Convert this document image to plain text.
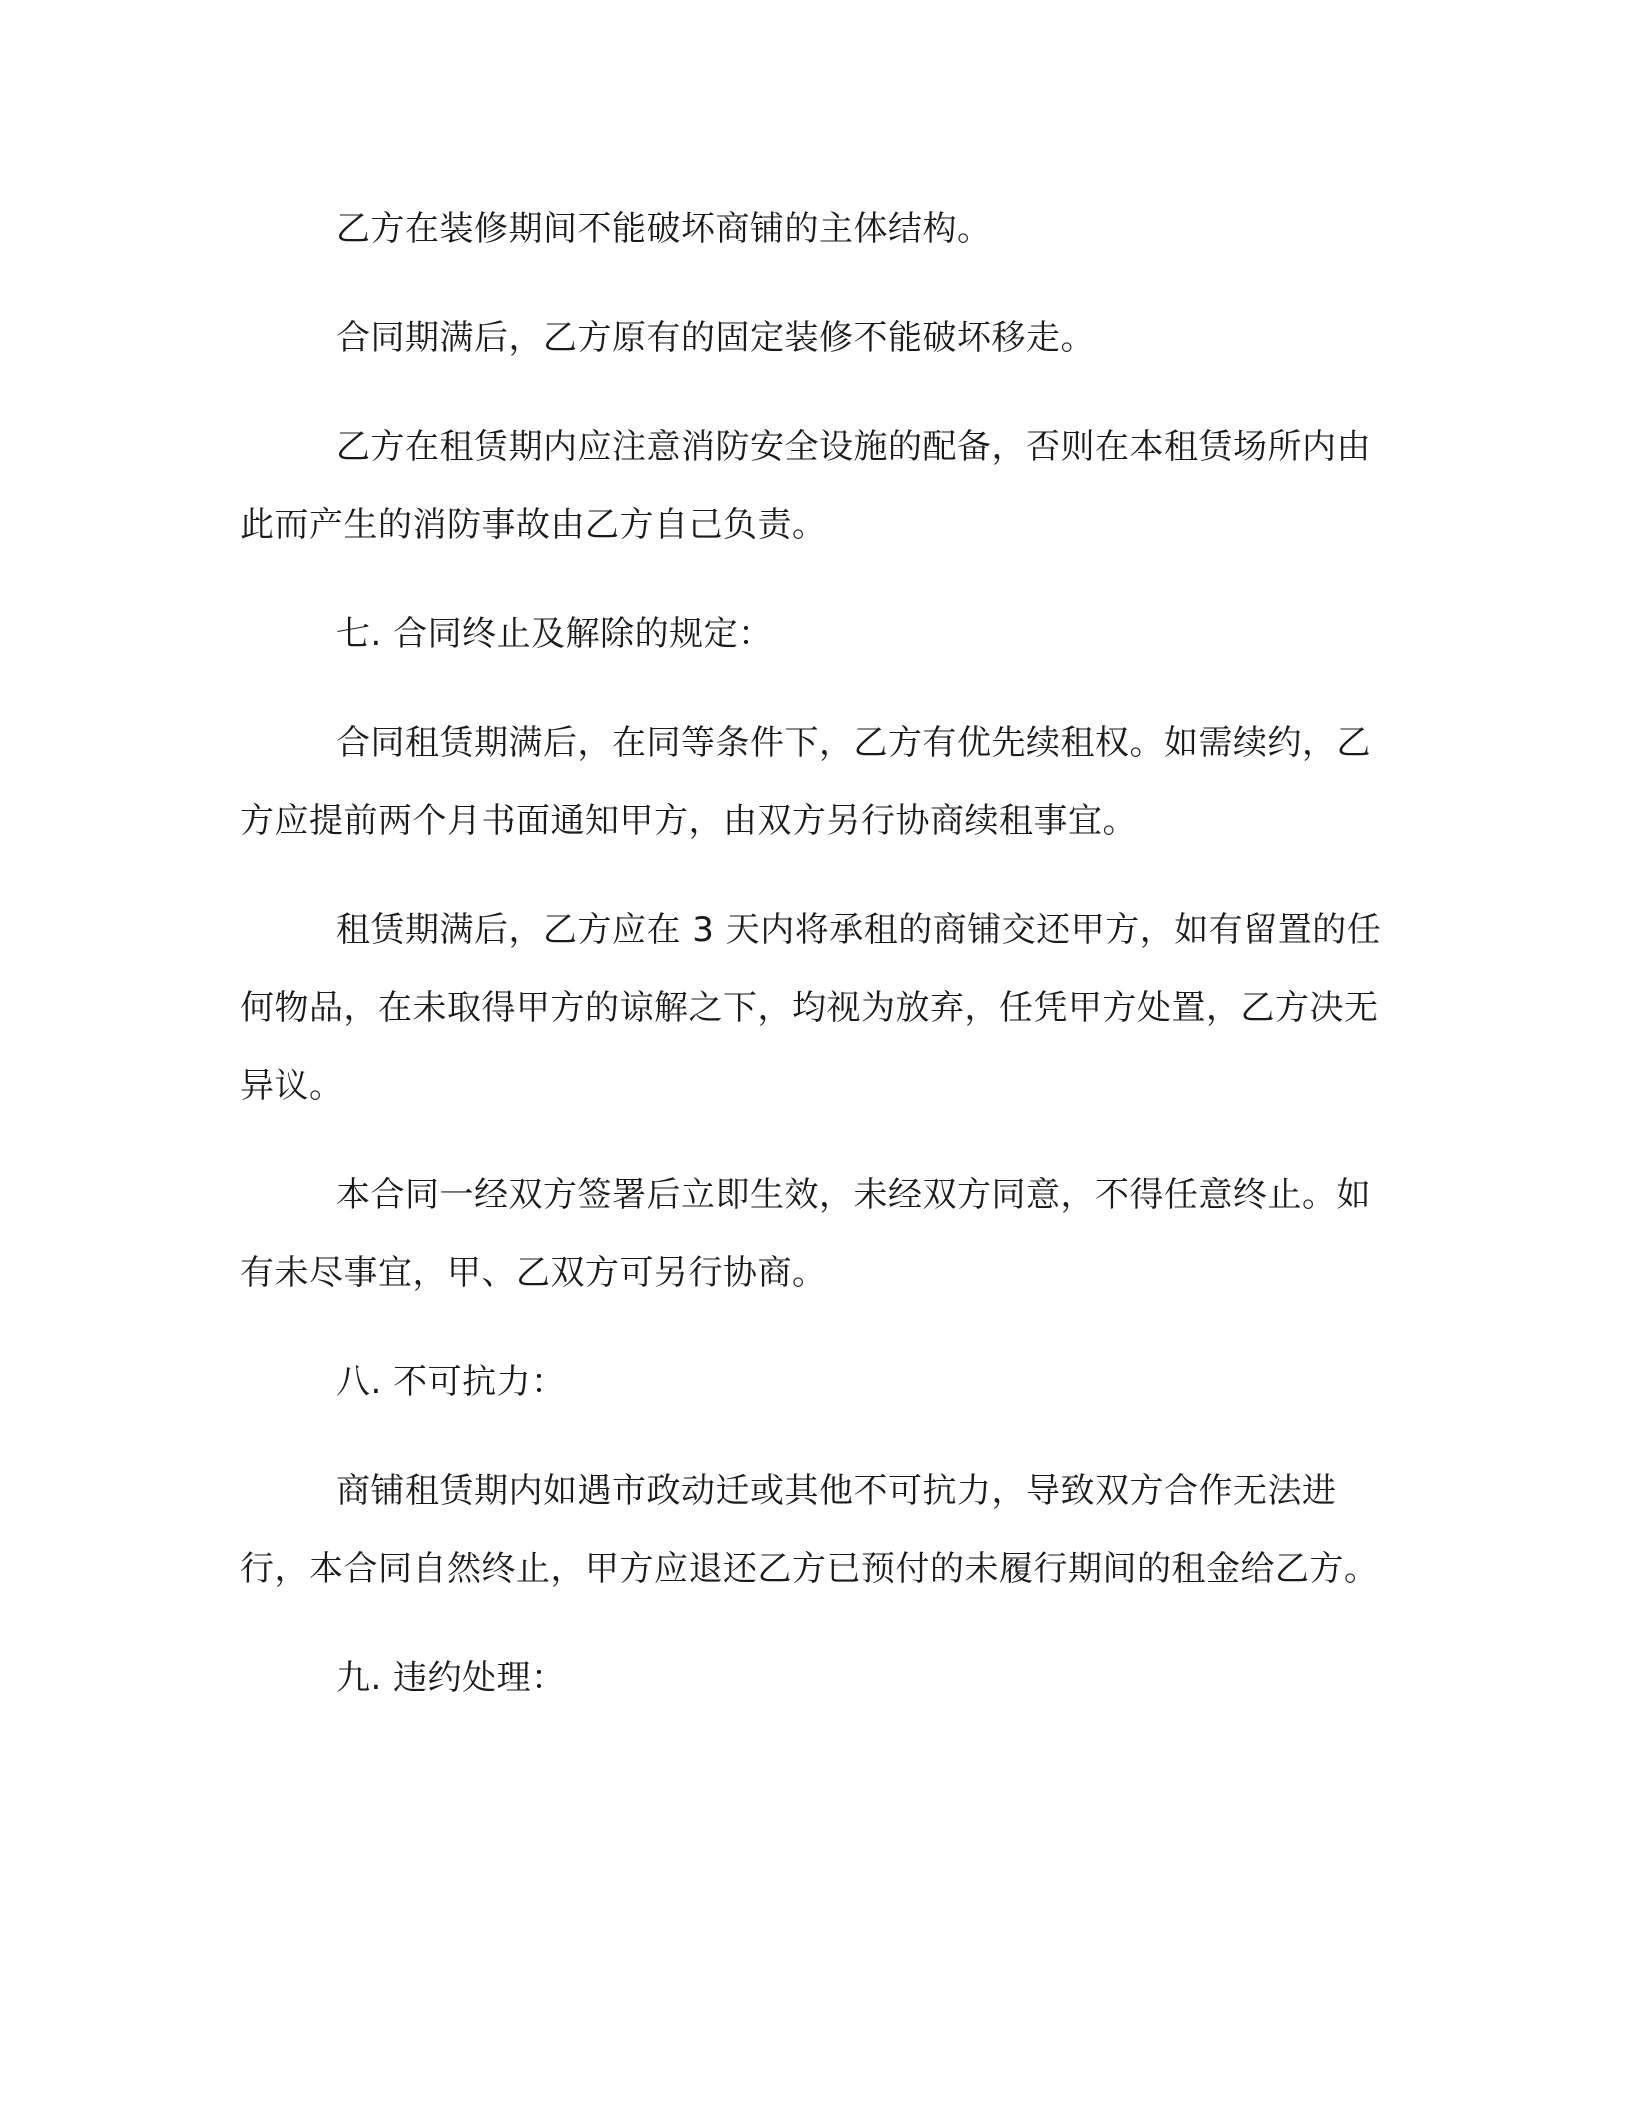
乙方在装修期间不能破坏商铺的主体结构。

合同期满后，乙方原有的固定装修不能破坏移走。

乙方在租赁期内应注意消防安全设施的配备，否则在本租赁场所内由此而产生的消防事故由乙方自己负责。

七. 合同终止及解除的规定：

合同租赁期满后，在同等条件下，乙方有优先续租权。如需续约，乙方应提前两个月书面通知甲方，由双方另行协商续租事宜。

租赁期满后，乙方应在 3 天内将承租的商铺交还甲方，如有留置的任何物品，在未取得甲方的谅解之下，均视为放弃，任凭甲方处置，乙方决无异议。

本合同一经双方签署后立即生效，未经双方同意，不得任意终止。如有未尽事宜，甲、乙双方可另行协商。

八. 不可抗力：

商铺租赁期内如遇市政动迁或其他不可抗力，导致双方合作无法进行，本合同自然终止，甲方应退还乙方已预付的未履行期间的租金给乙方。

九. 违约处理：
